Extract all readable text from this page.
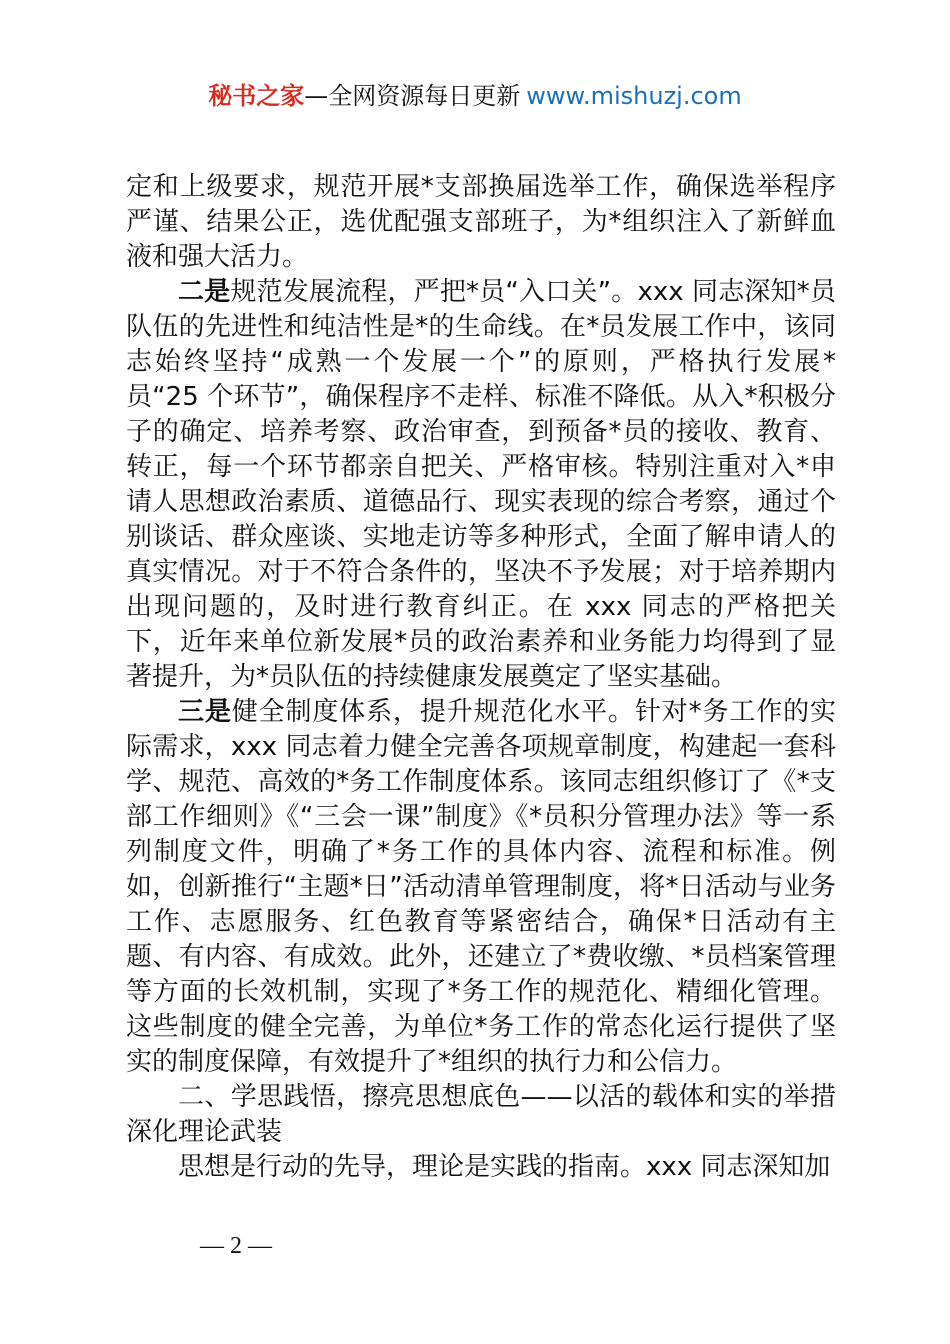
秘书之家—全网资源每日更新 www.mishuzj.com

定和上级要求，规范开展*支部换届选举工作，确保选举程序严谨、结果公正，选优配强支部班子，为*组织注入了新鲜血液和强大活力。

二是规范发展流程，严把*员“入口关”。xxx 同志深知*员队伍的先进性和纯洁性是*的生命线。在*员发展工作中，该同志始终坚持“成熟一个发展一个”的原则，严格执行发展*员“25 个环节”，确保程序不走样、标准不降低。从入*积极分子的确定、培养考察、政治审查，到预备*员的接收、教育、转正，每一个环节都亲自把关、严格审核。特别注重对入*申请人思想政治素质、道德品行、现实表现的综合考察，通过个别谈话、群众座谈、实地走访等多种形式，全面了解申请人的真实情况。对于不符合条件的，坚决不予发展；对于培养期内出现问题的，及时进行教育纠正。在 xxx 同志的严格把关下，近年来单位新发展*员的政治素养和业务能力均得到了显著提升，为*员队伍的持续健康发展奠定了坚实基础。

三是健全制度体系，提升规范化水平。针对*务工作的实际需求，xxx 同志着力健全完善各项规章制度，构建起一套科学、规范、高效的*务工作制度体系。该同志组织修订了《*支部工作细则》《“三会一课”制度》《*员积分管理办法》等一系列制度文件，明确了*务工作的具体内容、流程和标准。例如，创新推行“主题*日”活动清单管理制度，将*日活动与业务工作、志愿服务、红色教育等紧密结合，确保*日活动有主题、有内容、有成效。此外，还建立了*费收缴、*员档案管理等方面的长效机制，实现了*务工作的规范化、精细化管理。这些制度的健全完善，为单位*务工作的常态化运行提供了坚实的制度保障，有效提升了*组织的执行力和公信力。

二、学思践悟，擦亮思想底色——以活的载体和实的举措深化理论武装

思想是行动的先导，理论是实践的指南。xxx 同志深知加

— 2 —
